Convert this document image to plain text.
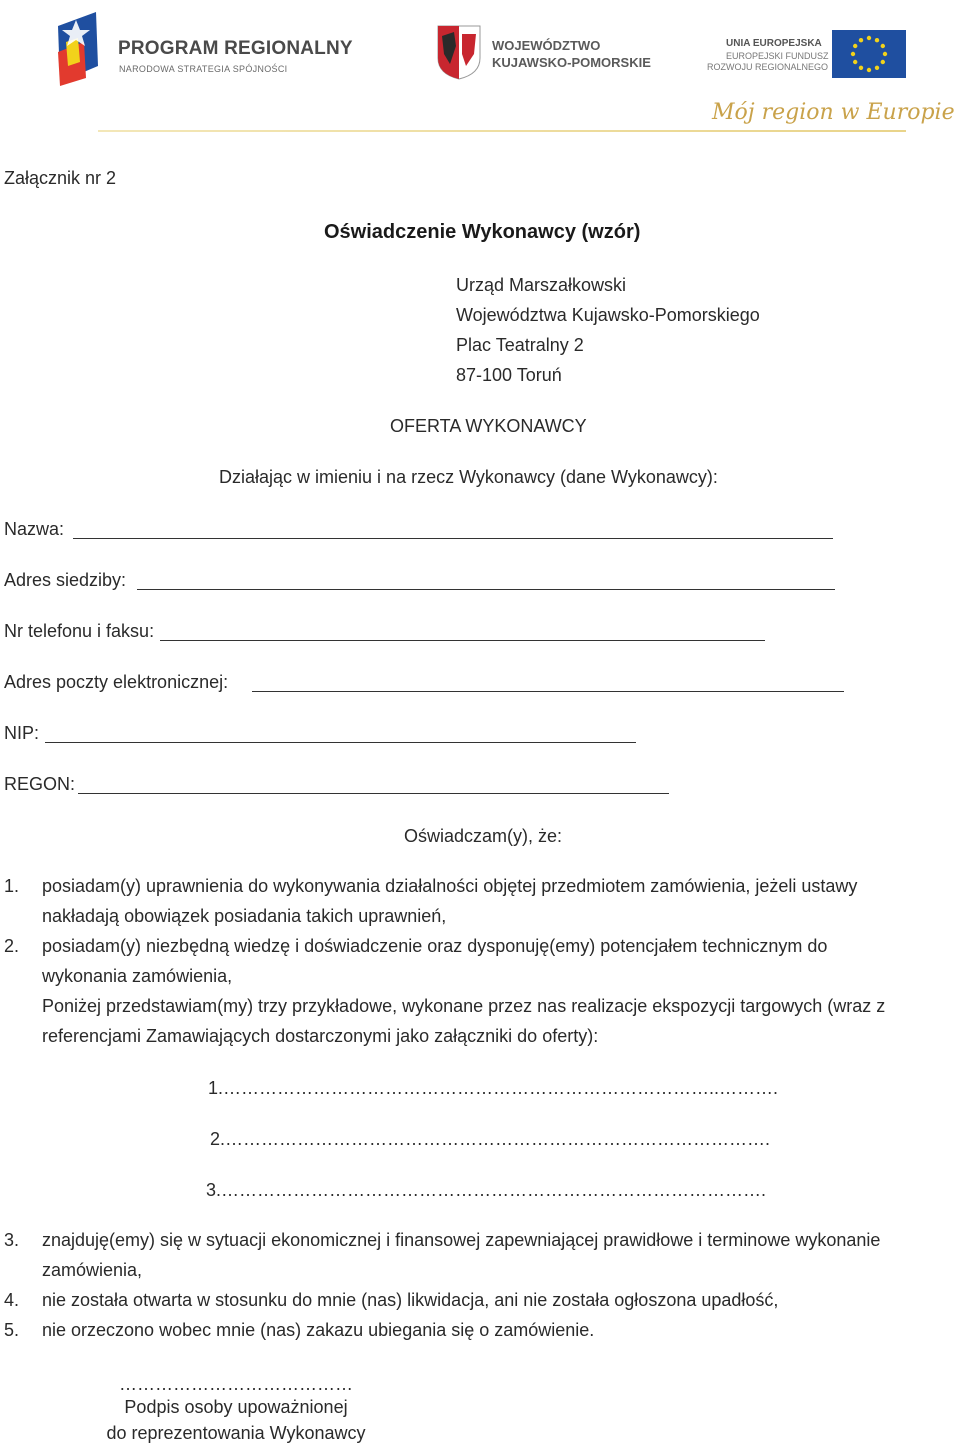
PROGRAM REGIONALNY
NARODOWA STRATEGIA SPÓJNOŚCI
WOJEWÓDZTWO
KUJAWSKO-POMORSKIE
UNIA EUROPEJSKA
EUROPEJSKI FUNDUSZ
ROZWOJU REGIONALNEGO
Mój region w Europie
Załącznik nr 2
Oświadczenie Wykonawcy (wzór)
Urząd Marszałkowski
Województwa Kujawsko-Pomorskiego
Plac Teatralny 2
87-100 Toruń
OFERTA WYKONAWCY
Działając w imieniu i na rzecz Wykonawcy (dane Wykonawcy):
Nazwa:
Adres siedziby:
Nr telefonu i faksu:
Adres poczty elektronicznej:
NIP:
REGON:
Oświadczam(y), że:
1. posiadam(y) uprawnienia do wykonywania działalności objętej przedmiotem zamówienia, jeżeli ustawy
nakładają obowiązek posiadania takich uprawnień,
2. posiadam(y) niezbędną wiedzę i doświadczenie oraz dysponuję(emy) potencjałem technicznym do
wykonania zamówienia,
Poniżej przedstawiam(my) trzy przykładowe, wykonane przez nas realizacje ekspozycji targowych (wraz z
referencjami Zamawiających dostarczonymi jako załączniki do oferty):
1.………………………………………………………………………..……….
2.……………………………………………………………………………….
3.……………………………………………………………………………….
3. znajduję(emy) się w sytuacji ekonomicznej i finansowej zapewniającej prawidłowe i terminowe wykonanie
zamówienia,
4. nie została otwarta w stosunku do mnie (nas) likwidacja, ani nie została ogłoszona upadłość,
5. nie orzeczono wobec mnie (nas) zakazu ubiegania się o zamówienie.
…………………………………
Podpis osoby upoważnionej
do reprezentowania Wykonawcy
